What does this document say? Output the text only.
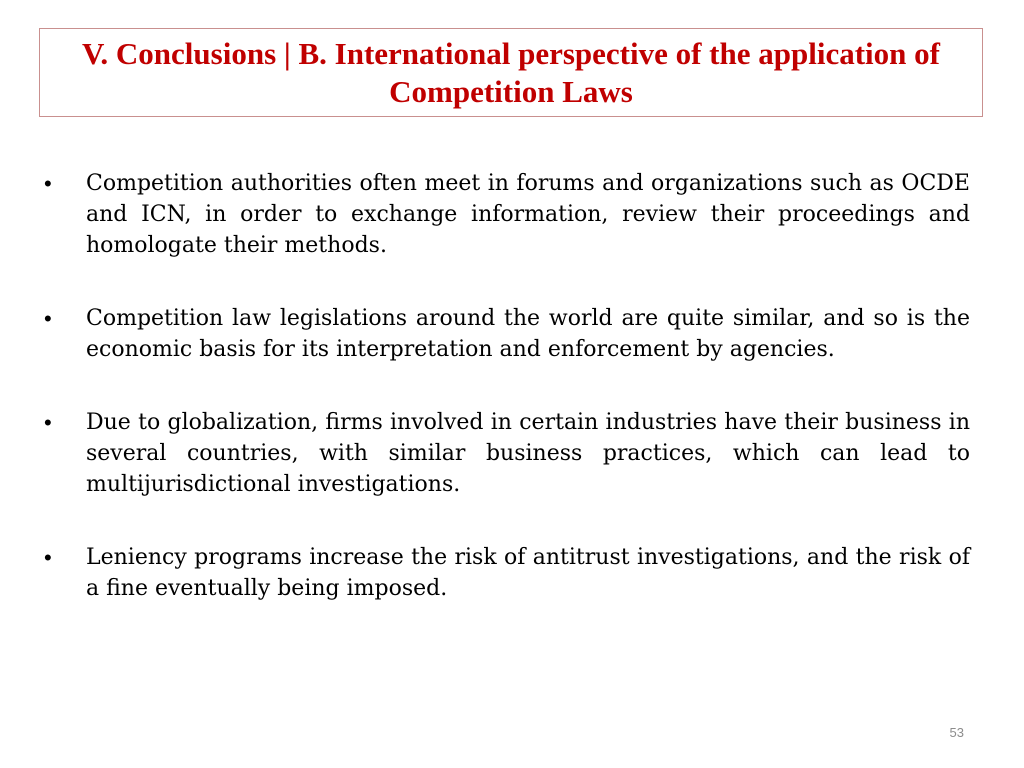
V. Conclusions | B. International perspective of the application of Competition Laws
• Competition authorities often meet in forums and organizations such as OCDE and ICN, in order to exchange information, review their proceedings and homologate their methods.
• Competition law legislations around the world are quite similar, and so is the economic basis for its interpretation and enforcement by agencies.
• Due to globalization, firms involved in certain industries have their business in several countries, with similar business practices, which can lead to multijurisdictional investigations.
• Leniency programs increase the risk of antitrust investigations, and the risk of a fine eventually being imposed.
53
